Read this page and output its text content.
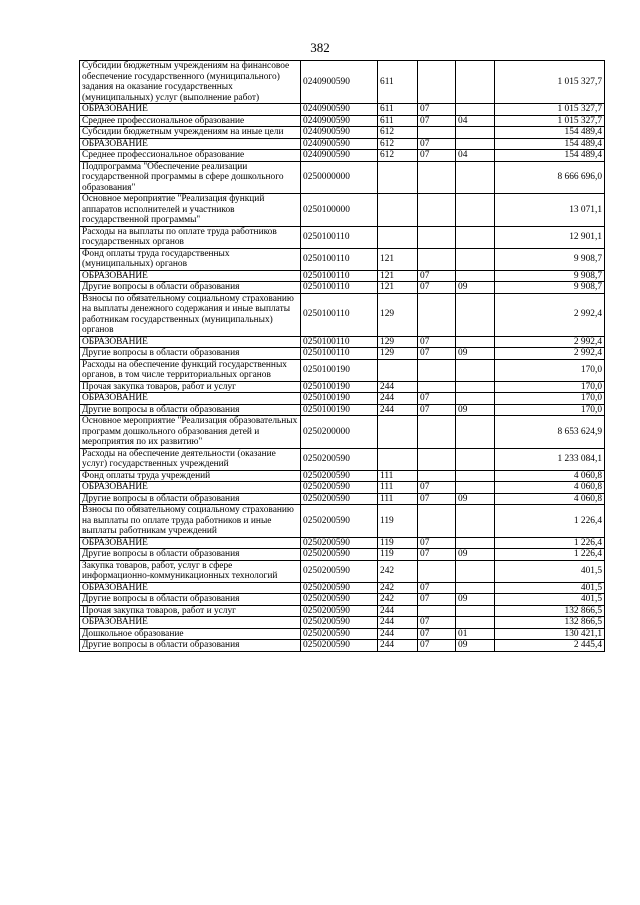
382
Субсидии бюджетным учреждениям на финансовое обеспечение государственного (муниципального) задания на оказание государственных (муниципальных) услуг (выполнение работ)	0240900590	611			1 015 327,7
ОБРАЗОВАНИЕ	0240900590	611	07		1 015 327,7
Среднее профессиональное образование	0240900590	611	07	04	1 015 327,7
Субсидии бюджетным учреждениям на иные цели	0240900590	612			154 489,4
ОБРАЗОВАНИЕ	0240900590	612	07		154 489,4
Среднее профессиональное образование	0240900590	612	07	04	154 489,4
Подпрограмма "Обеспечение реализации государственной программы в сфере дошкольного образования"	0250000000				8 666 696,0
Основное мероприятие "Реализация функций аппаратов исполнителей и участников государственной программы"	0250100000				13 071,1
Расходы на выплаты по оплате труда работников государственных органов	0250100110				12 901,1
Фонд оплаты труда государственных (муниципальных) органов	0250100110	121			9 908,7
ОБРАЗОВАНИЕ	0250100110	121	07		9 908,7
Другие вопросы в области образования	0250100110	121	07	09	9 908,7
Взносы по обязательному социальному страхованию на выплаты денежного содержания и иные выплаты работникам государственных (муниципальных) органов	0250100110	129			2 992,4
ОБРАЗОВАНИЕ	0250100110	129	07		2 992,4
Другие вопросы в области образования	0250100110	129	07	09	2 992,4
Расходы на обеспечение функций государственных органов, в том числе территориальных органов	0250100190				170,0
Прочая закупка товаров, работ и услуг	0250100190	244			170,0
ОБРАЗОВАНИЕ	0250100190	244	07		170,0
Другие вопросы в области образования	0250100190	244	07	09	170,0
Основное мероприятие "Реализация образовательных программ дошкольного образования детей и мероприятия по их развитию"	0250200000				8 653 624,9
Расходы на обеспечение деятельности (оказание услуг) государственных учреждений	0250200590				1 233 084,1
Фонд оплаты труда учреждений	0250200590	111			4 060,8
ОБРАЗОВАНИЕ	0250200590	111	07		4 060,8
Другие вопросы в области образования	0250200590	111	07	09	4 060,8
Взносы по обязательному социальному страхованию на выплаты по оплате труда работников и иные выплаты работникам учреждений	0250200590	119			1 226,4
ОБРАЗОВАНИЕ	0250200590	119	07		1 226,4
Другие вопросы в области образования	0250200590	119	07	09	1 226,4
Закупка товаров, работ, услуг в сфере информационно-коммуникационных технологий	0250200590	242			401,5
ОБРАЗОВАНИЕ	0250200590	242	07		401,5
Другие вопросы в области образования	0250200590	242	07	09	401,5
Прочая закупка товаров, работ и услуг	0250200590	244			132 866,5
ОБРАЗОВАНИЕ	0250200590	244	07		132 866,5
Дошкольное образование	0250200590	244	07	01	130 421,1
Другие вопросы в области образования	0250200590	244	07	09	2 445,4
